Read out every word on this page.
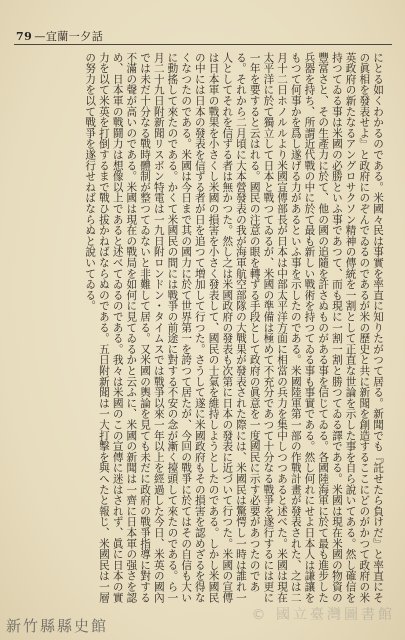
79 —宜蘭一夕話

にとる如くわかるのである。米國々民は事實を率直に知りたがつて居る。新聞でも『託せたら負けだ』と率直にその眞相を發表せよ』と政府にのぞんでゐるのであるが米の歷史と共に新聞を創造するここにどのがかつて政府の米英政府の新たなるアングロサクソン精神の傳統を一割として正直な世論を示した事を自ら說いてある。然し確信を持つてゐる事は米國の必勝といふ事であつて、而も現に一割一割と勝つてゐる譯である。米國は現在米國の物資の豐富さと、その生產力に於て、他の國の追隨を許さぬものがある事を信じてゐる。各國陸海軍に於て最も進步した兵器を持ち、所謂近代戰の中に於て最も新しい戰術を持つてゐる事も事實である。然し何れにせよ日本人は謙讓をもつて何事かを爲し遂げる力があるといふ事を示したのである。米國陸軍第一部の作戰計畫が發表された、之は二月十二日ホノルルより米國宣傳部長が日本は中部太平洋方面に相當の兵力を集中しつつあると述べた。米國は現在太平洋に於て獨立して日本と戰つてゐるが、米國の準備は極めて不充分であつて十分なる戰爭を遂行するには更に一年を要すると云はれる。國民の注意の眼を轉ずる手段として政府の眞意を一度國民に示す必要があつたのである。それから二月頃に大本營發表の我が海軍航空部隊の大戰果が發表された際には、米國民は驚愕し一時は誰れ一人としてそれを信ずる者は無かつた。然し之は米國政府の發表も次第に日本の發表に近づいて行つた。米國の宣傳は日本軍の戰果を小さくし米國の損害を小さく發表して、國民の士氣を維持しようとしたのである。しかし米國民の中には日本の發表を信ずる者が日を追つて増加して行つた。さうして遂に米國政府もその損害を認めざるを得なくなつたのである。米國は今日まで其の國力に於て世界第一を誇つて居たが、今回の戰爭に於てはその自信も大いに動搖して來たのである。かくて米國民の間には戰爭の前途に對する不安の念が漸く擡頭して來たのである。ら一月二十九日附新聞リスボン特電は一九日附ロンドン・タイムスでは戰爭以來一年以上を經過した今日、米英の國內では未だ十分なる戰時體制が整つてゐないと非難して居る。又米國の輿論を見ても未だに政府の戰爭指導に對する不滿の聲が高いのである。米國は現在の戰局を如何に見てゐるかと云ふに、米國の新聞は一齊に日本軍の强さを認め、日本軍の戰鬪力は想像以上であると述べてゐるのである。我々は米國のこの宣傳に迷はされず、眞に日本の實力を以て米英を打倒するまで戰ひ拔かねばならぬのである。五日附新聞は一大打擊を與へたと報じ、米國民は一層の努力を以て戰爭を遂行せねばならぬと說いてゐる。

© 國立臺灣圖書館
新竹縣縣史館
